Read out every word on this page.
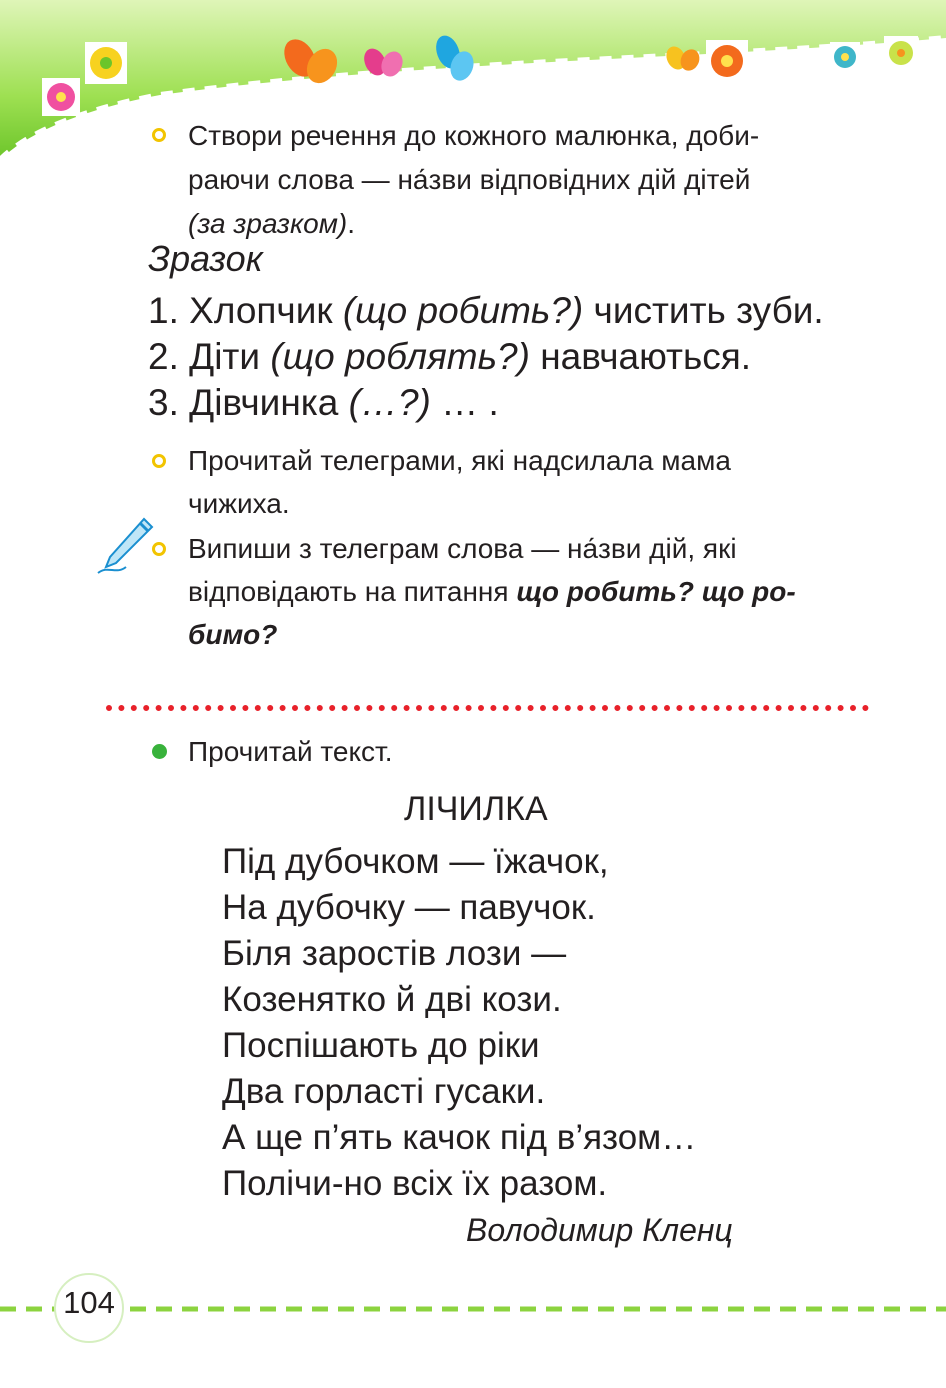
Створи речення до кожного малюнка, доби-
раючи слова — на́зви відповідних дій дітей
(за зразком).
Зразок
1. Хлопчик (що робить?) чистить зуби.
2. Діти (що роблять?) навчаються.
3. Дівчинка (…?) … .
Прочитай телеграми, які надсилала мама
чижиха.
Випиши з телеграм слова — на́зви дій, які
відповідають на питання що робить? що ро-
бимо?
Прочитай текст.
ЛІЧИЛКА
Під дубочком — їжачок,
На дубочку — павучок.
Біля заростів лози —
Козенятко й дві кози.
Поспішають до ріки
Два горласті гусаки.
А ще п’ять качок під в’язом…
Полічи-но всіх їх разом.
Володимир Кленц
104
